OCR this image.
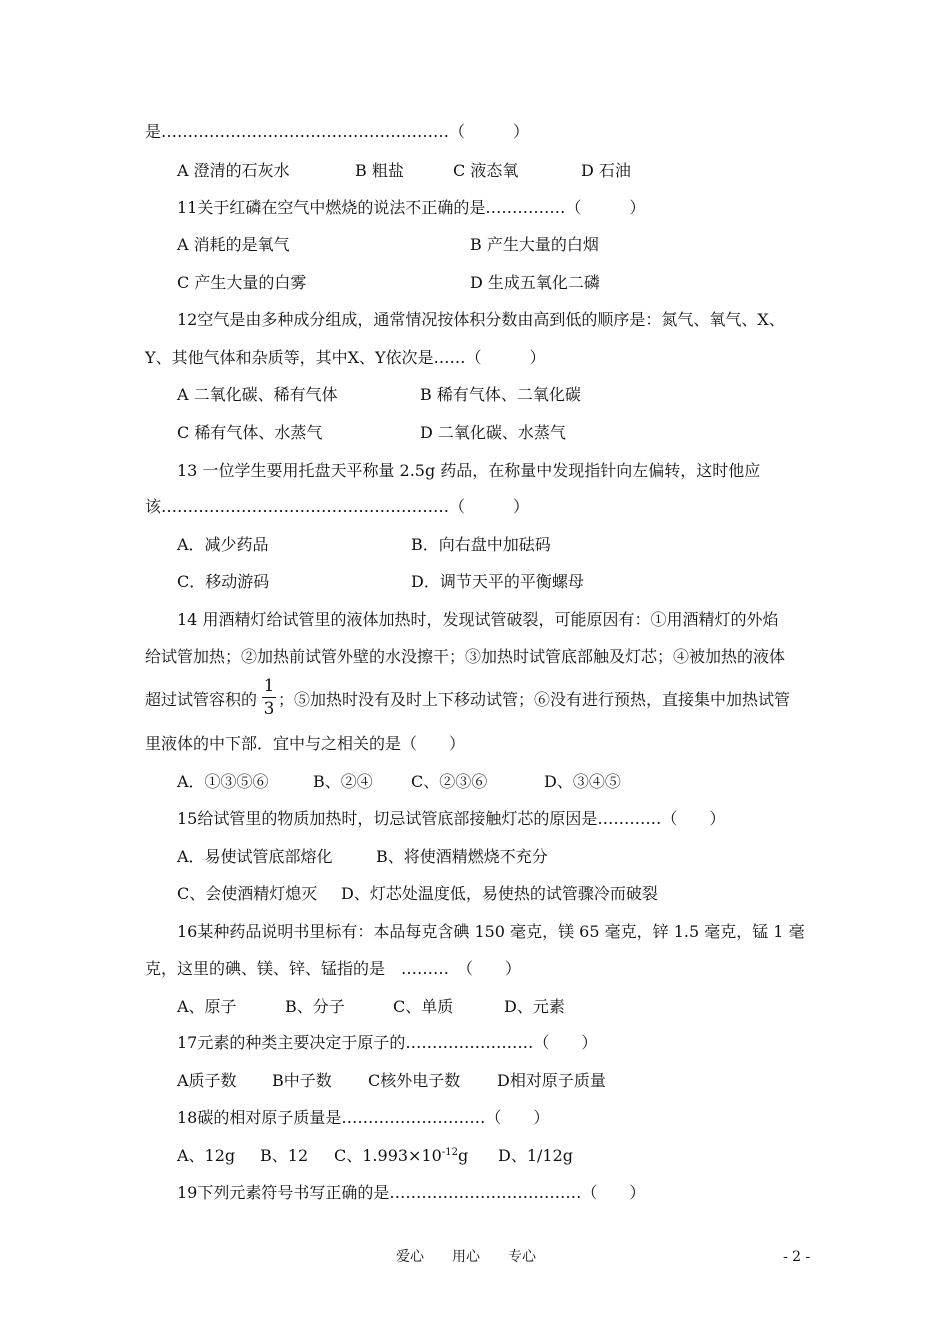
是………………………………………………（　　　）
A 澄清的石灰水	B 粗盐	C 液态氧	D 石油
11关于红磷在空气中燃烧的说法不正确的是……………（　　　）
A 消耗的是氧气	B 产生大量的白烟
C 产生大量的白雾	D 生成五氧化二磷
12空气是由多种成分组成，通常情况按体积分数由高到低的顺序是：氮气、氧气、X、
Y、其他气体和杂质等，其中X、Y依次是……（　　　）
A 二氧化碳、稀有气体	B 稀有气体、二氧化碳
C 稀有气体、水蒸气	D 二氧化碳、水蒸气
13 一位学生要用托盘天平称量 2.5g 药品，在称量中发现指针向左偏转，这时他应
该………………………………………………（　　　）
A．减少药品	B．向右盘中加砝码
C．移动游码	D．调节天平的平衡螺母
14 用酒精灯给试管里的液体加热时，发现试管破裂，可能原因有：①用酒精灯的外焰
给试管加热；②加热前试管外壁的水没擦干；③加热时试管底部触及灯芯；④被加热的液体
超过试管容积的
1
3 ；⑤加热时没有及时上下移动试管；⑥没有进行预热，直接集中加热试管
里液体的中下部．宜中与之相关的是（　　）
A．①③⑤⑥	B、②④ C、②③⑥	D、③④⑤
15给试管里的物质加热时，切忌试管底部接触灯芯的原因是…………（　　）
A．易使试管底部熔化	B、将使酒精燃烧不充分
C、会使酒精灯熄灭 D、灯芯处温度低，易使热的试管骤冷而破裂
16某种药品说明书里标有：本品每克含碘 150 毫克，镁 65 毫克，锌 1.5 毫克，锰 1 毫
克，这里的碘、镁、锌、锰指的是　………　（　　）
A、原子	B、分子	C、单质	D、元素
17元素的种类主要决定于原子的……………………（　　）
A质子数 B中子数 C核外电子数 D相对原子质量
18碳的相对原子质量是………………………（　　）
A、12g B、12 C、$1.993\times 10^{-12}g$ D、1/12g
19下列元素符号书写正确的是………………………………（　　）
爱心　　用心　　专心	- 2 -
